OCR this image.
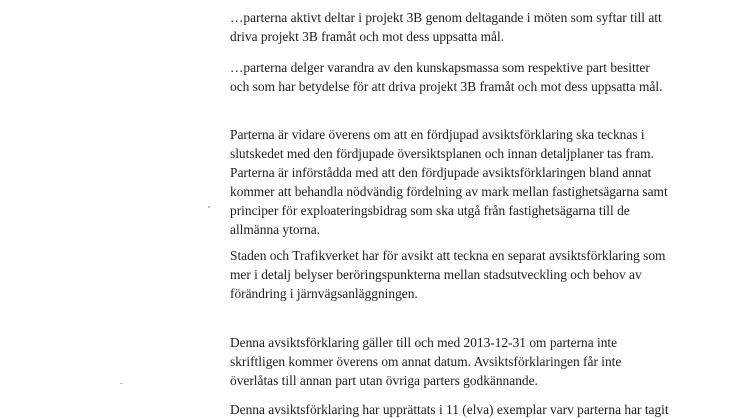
…parterna aktivt deltar i projekt 3B genom deltagande i möten som syftar till att
driva projekt 3B framåt och mot dess uppsatta mål.

…parterna delger varandra av den kunskapsmassa som respektive part besitter
och som har betydelse för att driva projekt 3B framåt och mot dess uppsatta mål.

Parterna är vidare överens om att en fördjupad avsiktsförklaring ska tecknas i
slutskedet med den fördjupade översiktsplanen och innan detaljplaner tas fram.
Parterna är införstådda med att den fördjupade avsiktsförklaringen bland annat
kommer att behandla nödvändig fördelning av mark mellan fastighetsägarna samt
principer för exploateringsbidrag som ska utgå från fastighetsägarna till de
allmänna ytorna.

Staden och Trafikverket har för avsikt att teckna en separat avsiktsförklaring som
mer i detalj belyser beröringspunkterna mellan stadsutveckling och behov av
förändring i järnvägsanläggningen.

Denna avsiktsförklaring gäller till och med 2013-12-31 om parterna inte
skriftligen kommer överens om annat datum. Avsiktsförklaringen får inte
överlåtas till annan part utan övriga parters godkännande.

Denna avsiktsförklaring har upprättats i 11 (elva) exemplar varv parterna har tagit
